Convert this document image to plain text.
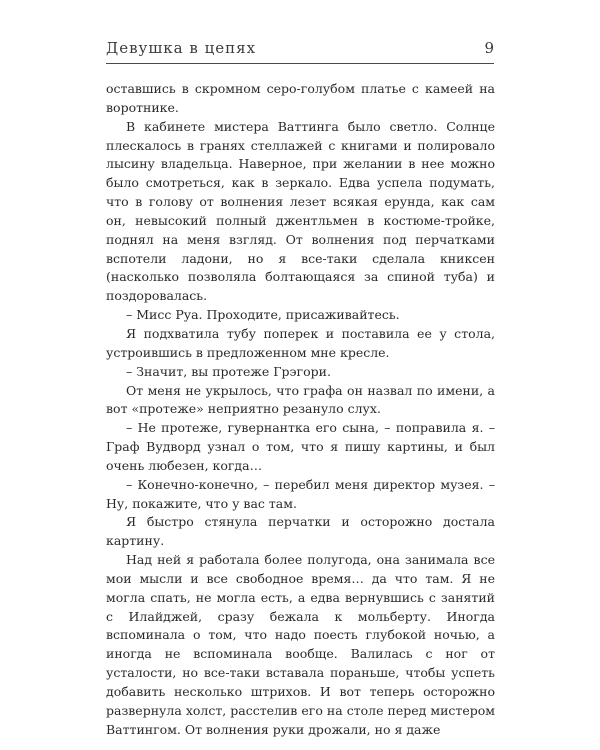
Девушка в цепях	9

оставшись в скромном серо-голубом платье с камеей на воротнике.

В кабинете мистера Ваттинга было светло. Солнце плескалось в гранях стеллажей с книгами и полировало лысину владельца. Наверное, при желании в нее можно было смотреться, как в зеркало. Едва успела подумать, что в голову от волнения лезет всякая ерунда, как сам он, невысокий полный джентльмен в костюме-тройке, поднял на меня взгляд. От волнения под перчатками вспотели ладони, но я все-таки сделала книксен (насколько позволяла болтающаяся за спиной туба) и поздоровалась.

– Мисс Руа. Проходите, присаживайтесь.

Я подхватила тубу поперек и поставила ее у стола, устроившись в предложенном мне кресле.

– Значит, вы протеже Грэгори.

От меня не укрылось, что графа он назвал по имени, а вот «протеже» неприятно резануло слух.

– Не протеже, гувернантка его сына, – поправила я. – Граф Вудворд узнал о том, что я пишу картины, и был очень любезен, когда…

– Конечно-конечно, – перебил меня директор музея. – Ну, покажите, что у вас там.

Я быстро стянула перчатки и осторожно достала картину.

Над ней я работала более полугода, она занимала все мои мысли и все свободное время… да что там. Я не могла спать, не могла есть, а едва вернувшись с занятий с Илайджей, сразу бежала к мольберту. Иногда вспоминала о том, что надо поесть глубокой ночью, а иногда не вспоминала вообще. Валилась с ног от усталости, но все-таки вставала пораньше, чтобы успеть добавить несколько штрихов. И вот теперь осторожно развернула холст, расстелив его на столе перед мистером Ваттингом. От волнения руки дрожали, но я даже
